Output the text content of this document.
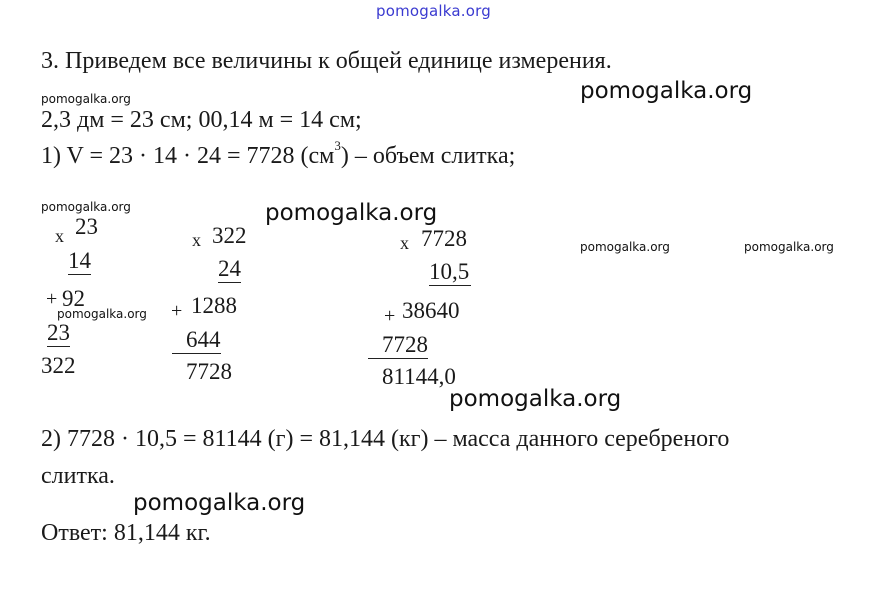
pomogalka.org
3. Приведем все величины к общей единице измерения.
pomogalka.org	pomogalka.org
2,3 дм = 23 см; 00,14 м = 14 см;
1) V = 23 · 14 · 24 = 7728 $(см^3)$ – объем слитка;
pomogalka.org	pomogalka.org
pomogalka.org	pomogalka.org
x 23
14
+ 92
pomogalka.org
23
322
x 322
24
+ 1288
644
7728
x 7728
10,5
+ 38640
7728
81144,0
pomogalka.org
2) 7728 · 10,5 = 81144 (г) = 81,144 (кг) – масса данного серебреного
слитка.
pomogalka.org
Ответ: 81,144 кг.
